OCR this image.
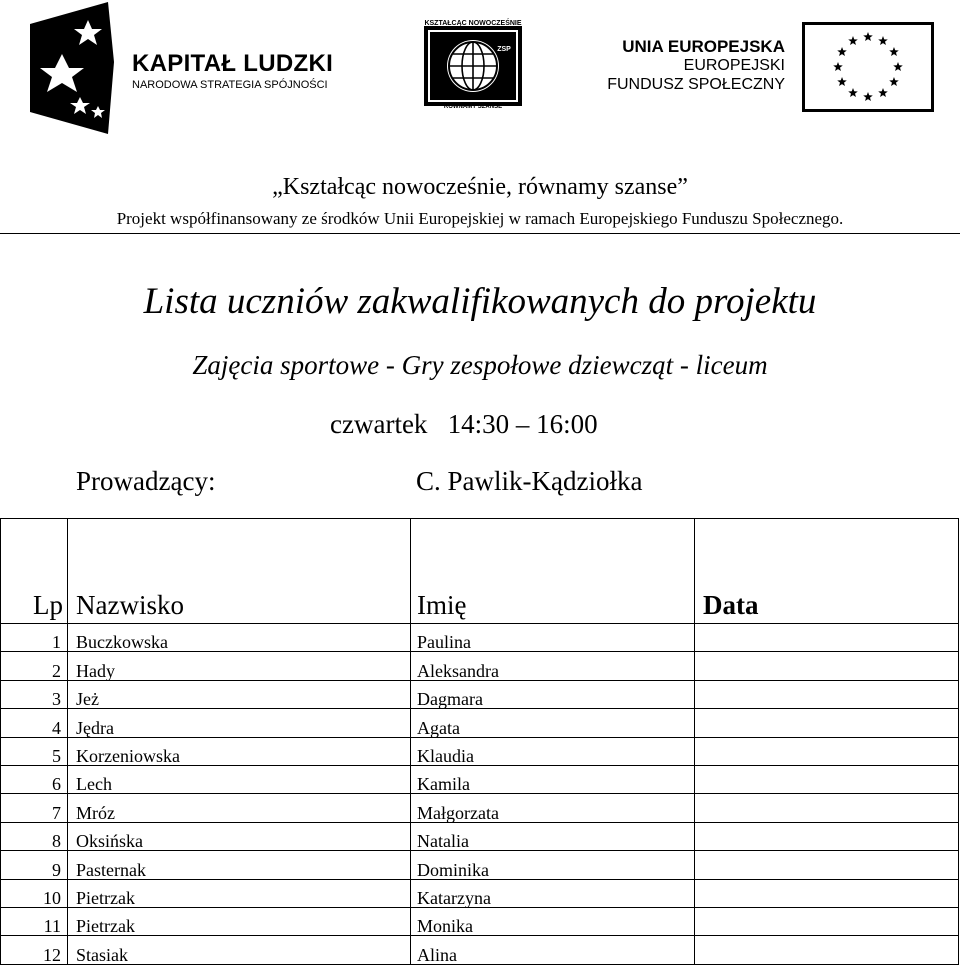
KAPITAŁ LUDZKI
NARODOWA STRATEGIA SPÓJNOŚCI
ZSP
KSZTAŁCĄC NOWOCZEŚNIE
RÓWNAMY SZANSE
UNIA EUROPEJSKA
EUROPEJSKI
FUNDUSZ SPOŁECZNY
„Kształcąc nowocześnie, równamy szanse”
Projekt współfinansowany ze środków Unii Europejskiej w ramach Europejskiego Funduszu Społecznego.
Lista uczniów zakwalifikowanych do projektu
Zajęcia sportowe - Gry zespołowe dziewcząt - liceum
czwartek   14:30 – 16:00
Prowadzący:	C. Pawlik-Kądziołka
Lp	Nazwisko	Imię	Data
1	Buczkowska	Paulina	
2	Hady	Aleksandra	
3	Jeż	Dagmara	
4	Jędra	Agata	
5	Korzeniowska	Klaudia	
6	Lech	Kamila	
7	Mróz	Małgorzata	
8	Oksińska	Natalia	
9	Pasternak	Dominika	
10	Pietrzak	Katarzyna	
11	Pietrzak	Monika	
12	Stasiak	Alina	
